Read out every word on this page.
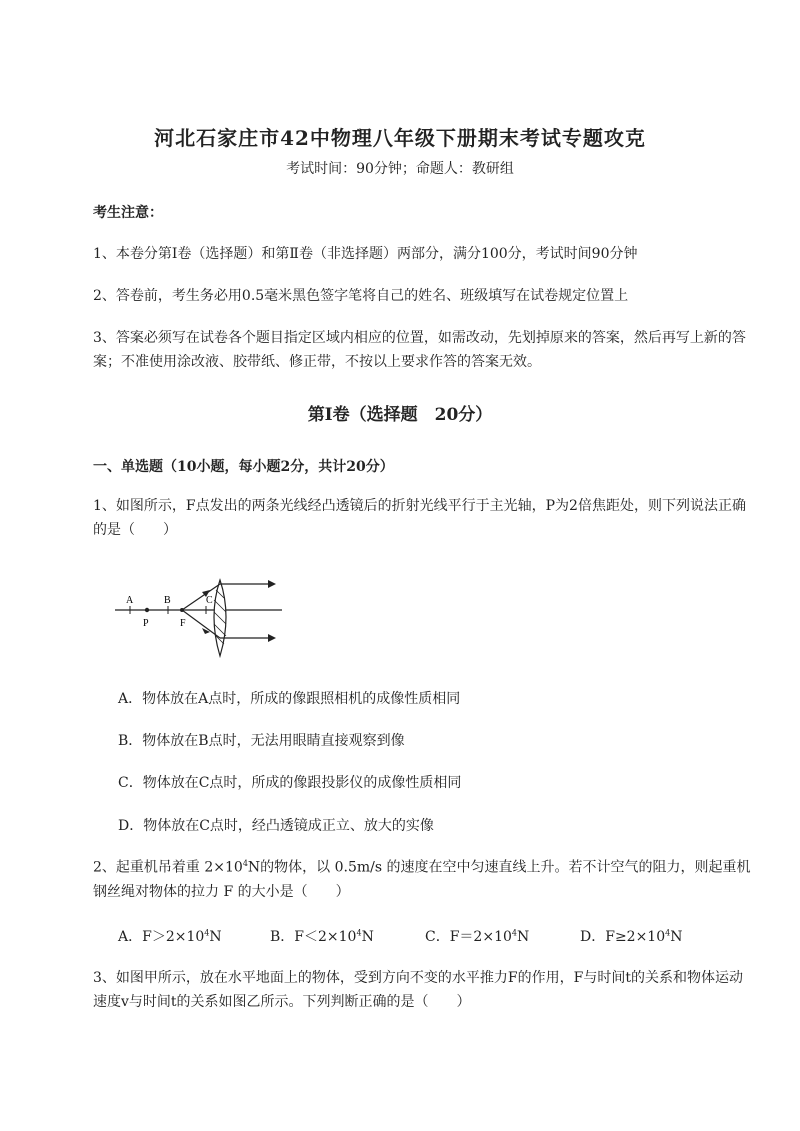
河北石家庄市42中物理八年级下册期末考试专题攻克
考试时间：90分钟；命题人：教研组
考生注意：
1、本卷分第Ⅰ卷（选择题）和第Ⅱ卷（非选择题）两部分，满分100分，考试时间90分钟
2、答卷前，考生务必用0.5毫米黑色签字笔将自己的姓名、班级填写在试卷规定位置上
3、答案必须写在试卷各个题目指定区域内相应的位置，如需改动，先划掉原来的答案，然后再写上新的答案；不准使用涂改液、胶带纸、修正带，不按以上要求作答的答案无效。
第Ⅰ卷（选择题　20分）
一、单选题（10小题，每小题2分，共计20分）
1、如图所示，F点发出的两条光线经凸透镜后的折射光线平行于主光轴，P为2倍焦距处，则下列说法正确的是（　　）
A	B	C
P	F
A．物体放在A点时，所成的像跟照相机的成像性质相同
B．物体放在B点时，无法用眼睛直接观察到像
C．物体放在C点时，所成的像跟投影仪的成像性质相同
D．物体放在C点时，经凸透镜成正立、放大的实像
2、起重机吊着重 $2\times 10^4N$的物体，以 0.5m/s 的速度在空中匀速直线上升。若不计空气的阻力，则起重机钢丝绳对物体的拉力 F 的大小是（　　）
A．$F>2\times 10^4N$	B．$F<2\times 10^4N$	C．$F=2\times 10^4N$	D．$F\ge 2\times 10^4N$
3、如图甲所示，放在水平地面上的物体，受到方向不变的水平推力F的作用，F与时间t的关系和物体运动速度v与时间t的关系如图乙所示。下列判断正确的是（　　）
